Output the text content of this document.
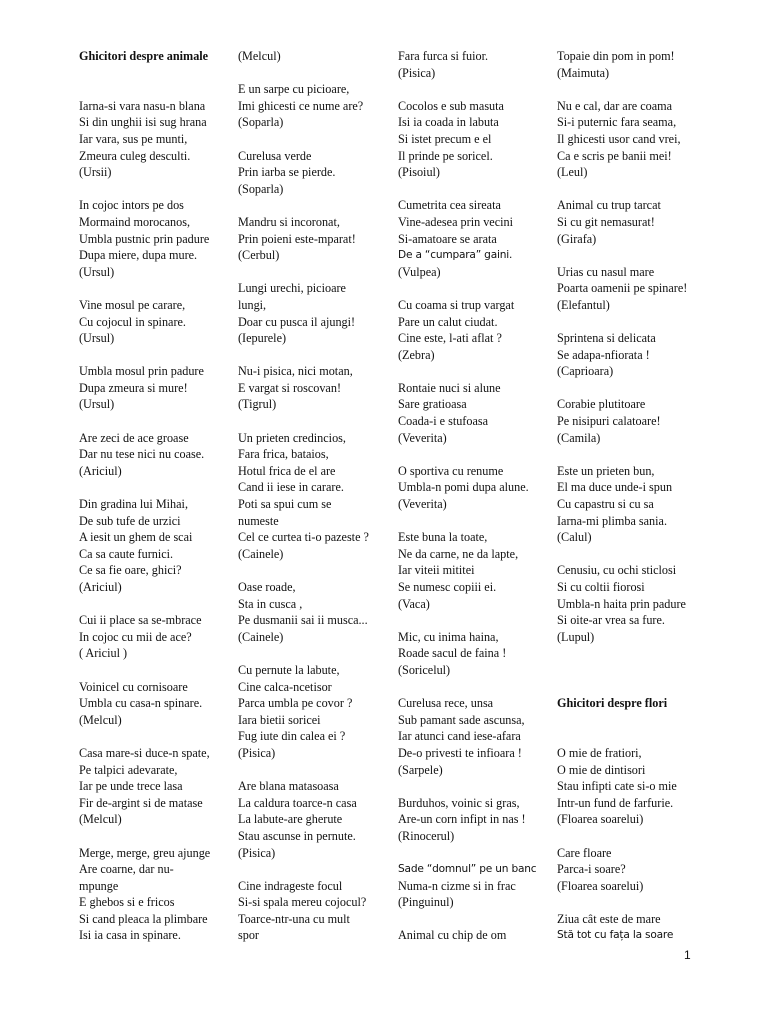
Ghicitori despre animale
Iarna-si vara nasu-n blana
Si din unghii isi sug hrana
Iar vara, sus pe munti,
Zmeura culeg desculti.
(Ursii)
In cojoc intors pe dos
Mormaind morocanos,
Umbla pustnic prin padure
Dupa miere, dupa mure.
(Ursul)
Vine mosul pe carare,
Cu cojocul in spinare.
(Ursul)
Umbla mosul prin padure
Dupa zmeura si mure!
(Ursul)
Are zeci de ace groase
Dar nu tese nici nu coase.
(Ariciul)
Din gradina lui Mihai,
De sub tufe de urzici
A iesit un ghem de scai
Ca sa caute furnici.
Ce sa fie oare, ghici?
(Ariciul)
Cui ii place sa se-mbrace
In cojoc cu mii de ace?
( Ariciul )
Voinicel cu cornisoare
Umbla cu casa-n spinare.
(Melcul)
Casa mare-si duce-n spate,
Pe talpici adevarate,
Iar pe unde trece lasa
Fir de-argint si de matase
(Melcul)
Merge, merge, greu ajunge
Are coarne, dar nu-
mpunge
E ghebos si e fricos
Si cand pleaca la plimbare
Isi ia casa in spinare.
(Melcul)
E un sarpe cu picioare,
Imi ghicesti ce nume are?
(Soparla)
Curelusa verde
Prin iarba se pierde.
(Soparla)
Mandru si incoronat,
Prin poieni este-mparat!
(Cerbul)
Lungi urechi, picioare
lungi,
Doar cu pusca il ajungi!
(Iepurele)
Nu-i pisica, nici motan,
E vargat si roscovan!
(Tigrul)
Un prieten credincios,
Fara frica, bataios,
Hotul frica de el are
Cand ii iese in carare.
Poti sa spui cum se
numeste
Cel ce curtea ti-o pazeste ?
(Cainele)
Oase roade,
Sta in cusca ,
Pe dusmanii sai ii musca...
(Cainele)
Cu pernute la labute,
Cine calca-ncetisor
Parca umbla pe covor ?
Iara bietii soricei
Fug iute din calea ei ?
(Pisica)
Are blana matasoasa
La caldura toarce-n casa
La labute-are gherute
Stau ascunse in pernute.
(Pisica)
Cine indrageste focul
Si-si spala mereu cojocul?
Toarce-ntr-una cu mult
spor
Fara furca si fuior.
(Pisica)
Cocolos e sub masuta
Isi ia coada in labuta
Si istet precum e el
Il prinde pe soricel.
(Pisoiul)
Cumetrita cea sireata
Vine-adesea prin vecini
Si-amatoare se arata
De a “cumpara” gaini.
(Vulpea)
Cu coama si trup vargat
Pare un calut ciudat.
Cine este, l-ati aflat ?
(Zebra)
Rontaie nuci si alune
Sare gratioasa
Coada-i e stufoasa
(Veverita)
O sportiva cu renume
Umbla-n pomi dupa alune.
(Veverita)
Este buna la toate,
Ne da carne, ne da lapte,
Iar viteii mititei
Se numesc copiii ei.
(Vaca)
Mic, cu inima haina,
Roade sacul de faina !
(Soricelul)
Curelusa rece, unsa
Sub pamant sade ascunsa,
Iar atunci cand iese-afara
De-o privesti te infioara !
(Sarpele)
Burduhos, voinic si gras,
Are-un corn infipt in nas !
(Rinocerul)
Sade “domnul” pe un banc
Numa-n cizme si in frac
(Pinguinul)
Animal cu chip de om
Topaie din pom in pom!
(Maimuta)
Nu e cal, dar are coama
Si-i puternic fara seama,
Il ghicesti usor cand vrei,
Ca e scris pe banii mei!
(Leul)
Animal cu trup tarcat
Si cu git nemasurat!
(Girafa)
Urias cu nasul mare
Poarta oamenii pe spinare!
(Elefantul)
Sprintena si delicata
Se adapa-nfiorata !
(Caprioara)
Corabie plutitoare
Pe nisipuri calatoare!
(Camila)
Este un prieten bun,
El ma duce unde-i spun
Cu capastru si cu sa
Iarna-mi plimba sania.
(Calul)
Cenusiu, cu ochi sticlosi
Si cu coltii fiorosi
Umbla-n haita prin padure
Si oite-ar vrea sa fure.
(Lupul)
Ghicitori despre flori
O mie de fratiori,
O mie de dintisori
Stau infipti cate si-o mie
Intr-un fund de farfurie.
(Floarea soarelui)
Care floare
Parca-i soare?
(Floarea soarelui)
Ziua cât este de mare
Stă tot cu fața la soare
1
